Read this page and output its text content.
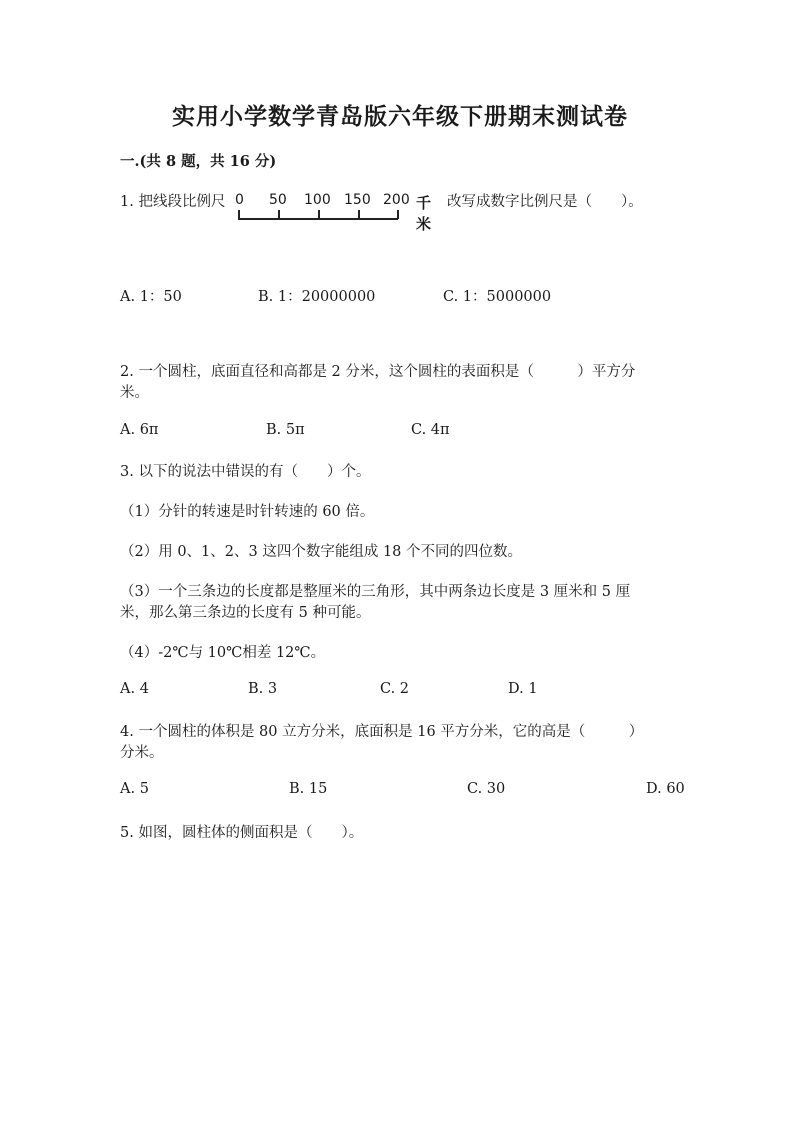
实用小学数学青岛版六年级下册期末测试卷
一.(共 8 题，共 16 分)
1. 把线段比例尺 0 50 100 150 200 千米
改写成数字比例尺是（　　）。
A. 1：50	B. 1：20000000	C. 1：5000000
2. 一个圆柱，底面直径和高都是 2 分米，这个圆柱的表面积是（　　　）平方分
米。
A. 6π	B. 5π	C. 4π
3. 以下的说法中错误的有（　　）个。
（1）分针的转速是时针转速的 60 倍。
（2）用 0、1、2、3 这四个数字能组成 18 个不同的四位数。
（3）一个三条边的长度都是整厘米的三角形，其中两条边长度是 3 厘米和 5 厘
米，那么第三条边的长度有 5 种可能。
（4）-2℃与 10℃相差 12℃。
A. 4	B. 3	C. 2	D. 1
4. 一个圆柱的体积是 80 立方分米，底面积是 16 平方分米，它的高是（　　　）
分米。
A. 5	B. 15	C. 30	D. 60
5. 如图，圆柱体的侧面积是（　　）。
